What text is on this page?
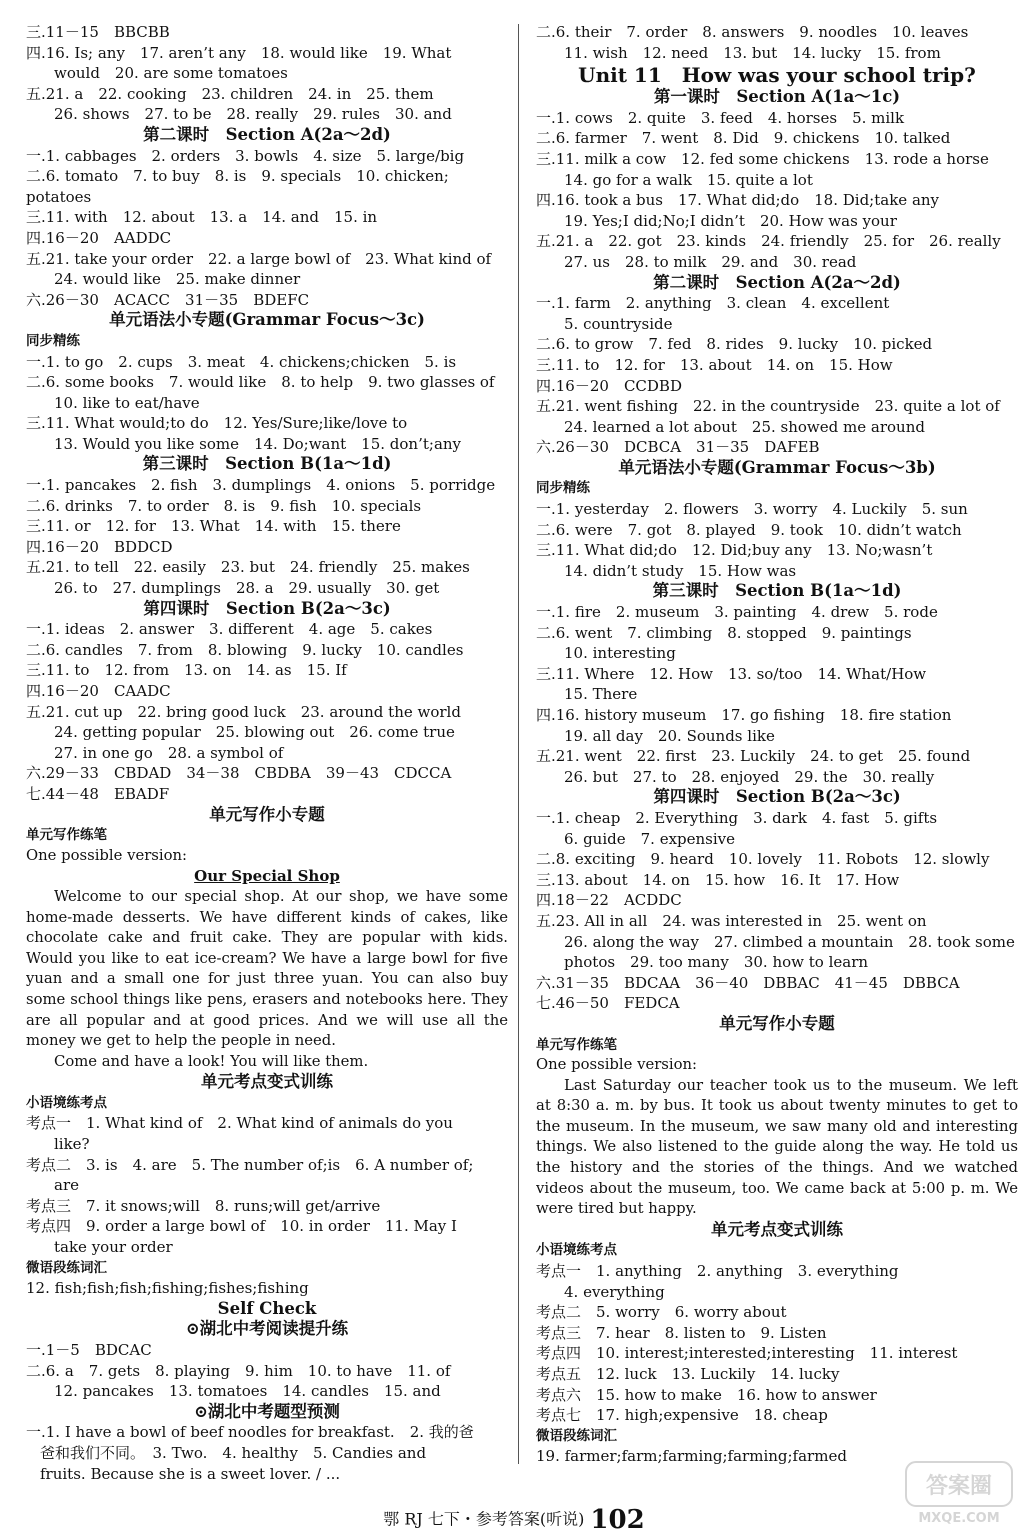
三.11－15　BBCBB
四.16. Is; any　17. aren’t any　18. would like　19. What
would　20. are some tomatoes
五.21. a　22. cooking　23. children　24. in　25. them
26. shows　27. to be　28. really　29. rules　30. and
第二课时　Section A(2a～2d)
一.1. cabbages　2. orders　3. bowls　4. size　5. large/big
二.6. tomato　7. to buy　8. is　9. specials　10. chicken;
potatoes
三.11. with　12. about　13. a　14. and　15. in
四.16－20　AADDC
五.21. take your order　22. a large bowl of　23. What kind of
24. would like　25. make dinner
六.26－30　ACACC　31－35　BDEFC
单元语法小专题(Grammar Focus～3c)
同步精练
一.1. to go　2. cups　3. meat　4. chickens;chicken　5. is
二.6. some books　7. would like　8. to help　9. two glasses of
10. like to eat/have
三.11. What would;to do　12. Yes/Sure;like/love to
13. Would you like some　14. Do;want　15. don’t;any
第三课时　Section B(1a～1d)
一.1. pancakes　2. fish　3. dumplings　4. onions　5. porridge
二.6. drinks　7. to order　8. is　9. fish　10. specials
三.11. or　12. for　13. What　14. with　15. there
四.16－20　BDDCD
五.21. to tell　22. easily　23. but　24. friendly　25. makes
26. to　27. dumplings　28. a　29. usually　30. get
第四课时　Section B(2a～3c)
一.1. ideas　2. answer　3. different　4. age　5. cakes
二.6. candles　7. from　8. blowing　9. lucky　10. candles
三.11. to　12. from　13. on　14. as　15. If
四.16－20　CAADC
五.21. cut up　22. bring good luck　23. around the world
24. getting popular　25. blowing out　26. come true
27. in one go　28. a symbol of
六.29－33　CBDAD　34－38　CBDBA　39－43　CDCCA
七.44－48　EBADF
单元写作小专题
单元写作练笔
One possible version:
Our Special Shop
Welcome to our special shop. At our shop, we have some
home-made desserts. We have different kinds of cakes, like
chocolate cake and fruit cake. They are popular with kids.
Would you like to eat ice-cream? We have a large bowl for five
yuan and a small one for just three yuan. You can also buy
some school things like pens, erasers and notebooks here. They
are all popular and at good prices. And we will use all the
money we get to help the people in need.
Come and have a look! You will like them.
单元考点变式训练
小语境练考点
考点一　1. What kind of　2. What kind of animals do you
like?
考点二　3. is　4. are　5. The number of;is　6. A number of;
are
考点三　7. it snows;will　8. runs;will get/arrive
考点四　9. order a large bowl of　10. in order　11. May I
take your order
微语段练词汇
12. fish;fish;fish;fishing;fishes;fishing
Self Check
⊙湖北中考阅读提升练
一.1－5　BDCAC
二.6. a　7. gets　8. playing　9. him　10. to have　11. of
12. pancakes　13. tomatoes　14. candles　15. and
⊙湖北中考题型预测
一.1. I have a bowl of beef noodles for breakfast.　2. 我的爸
爸和我们不同。　3. Two.　4. healthy　5. Candies and
fruits. Because she is a sweet lover. / ...
二.6. their　7. order　8. answers　9. noodles　10. leaves
11. wish　12. need　13. but　14. lucky　15. from
Unit 11　How was your school trip?
第一课时　Section A(1a～1c)
一.1. cows　2. quite　3. feed　4. horses　5. milk
二.6. farmer　7. went　8. Did　9. chickens　10. talked
三.11. milk a cow　12. fed some chickens　13. rode a horse
14. go for a walk　15. quite a lot
四.16. took a bus　17. What did;do　18. Did;take any
19. Yes;I did;No;I didn’t　20. How was your
五.21. a　22. got　23. kinds　24. friendly　25. for　26. really
27. us　28. to milk　29. and　30. read
第二课时　Section A(2a～2d)
一.1. farm　2. anything　3. clean　4. excellent
5. countryside
二.6. to grow　7. fed　8. rides　9. lucky　10. picked
三.11. to　12. for　13. about　14. on　15. How
四.16－20　CCDBD
五.21. went fishing　22. in the countryside　23. quite a lot of
24. learned a lot about　25. showed me around
六.26－30　DCBCA　31－35　DAFEB
单元语法小专题(Grammar Focus～3b)
同步精练
一.1. yesterday　2. flowers　3. worry　4. Luckily　5. sun
二.6. were　7. got　8. played　9. took　10. didn’t watch
三.11. What did;do　12. Did;buy any　13. No;wasn’t
14. didn’t study　15. How was
第三课时　Section B(1a～1d)
一.1. fire　2. museum　3. painting　4. drew　5. rode
二.6. went　7. climbing　8. stopped　9. paintings
10. interesting
三.11. Where　12. How　13. so/too　14. What/How
15. There
四.16. history museum　17. go fishing　18. fire station
19. all day　20. Sounds like
五.21. went　22. first　23. Luckily　24. to get　25. found
26. but　27. to　28. enjoyed　29. the　30. really
第四课时　Section B(2a～3c)
一.1. cheap　2. Everything　3. dark　4. fast　5. gifts
6. guide　7. expensive
二.8. exciting　9. heard　10. lovely　11. Robots　12. slowly
三.13. about　14. on　15. how　16. It　17. How
四.18－22　ACDDC
五.23. All in all　24. was interested in　25. went on
26. along the way　27. climbed a mountain　28. took some
photos　29. too many　30. how to learn
六.31－35　BDCAA　36－40　DBBAC　41－45　DBBCA
七.46－50　FEDCA
单元写作小专题
单元写作练笔
One possible version:
Last Saturday our teacher took us to the museum. We left
at 8:30 a. m. by bus. It took us about twenty minutes to get to
the museum. In the museum, we saw many old and interesting
things. We also listened to the guide along the way. He told us
the history and the stories of the things. And we watched
videos about the museum, too. We came back at 5:00 p. m. We
were tired but happy.
单元考点变式训练
小语境练考点
考点一　1. anything　2. anything　3. everything
4. everything
考点二　5. worry　6. worry about
考点三　7. hear　8. listen to　9. Listen
考点四　10. interest;interested;interesting　11. interest
考点五　12. luck　13. Luckily　14. lucky
考点六　15. how to make　16. how to answer
考点七　17. high;expensive　18. cheap
微语段练词汇
19. farmer;farm;farming;farming;farmed
鄂 RJ 七下・参考答案(听说) 102
答案圈
MXQE.COM
